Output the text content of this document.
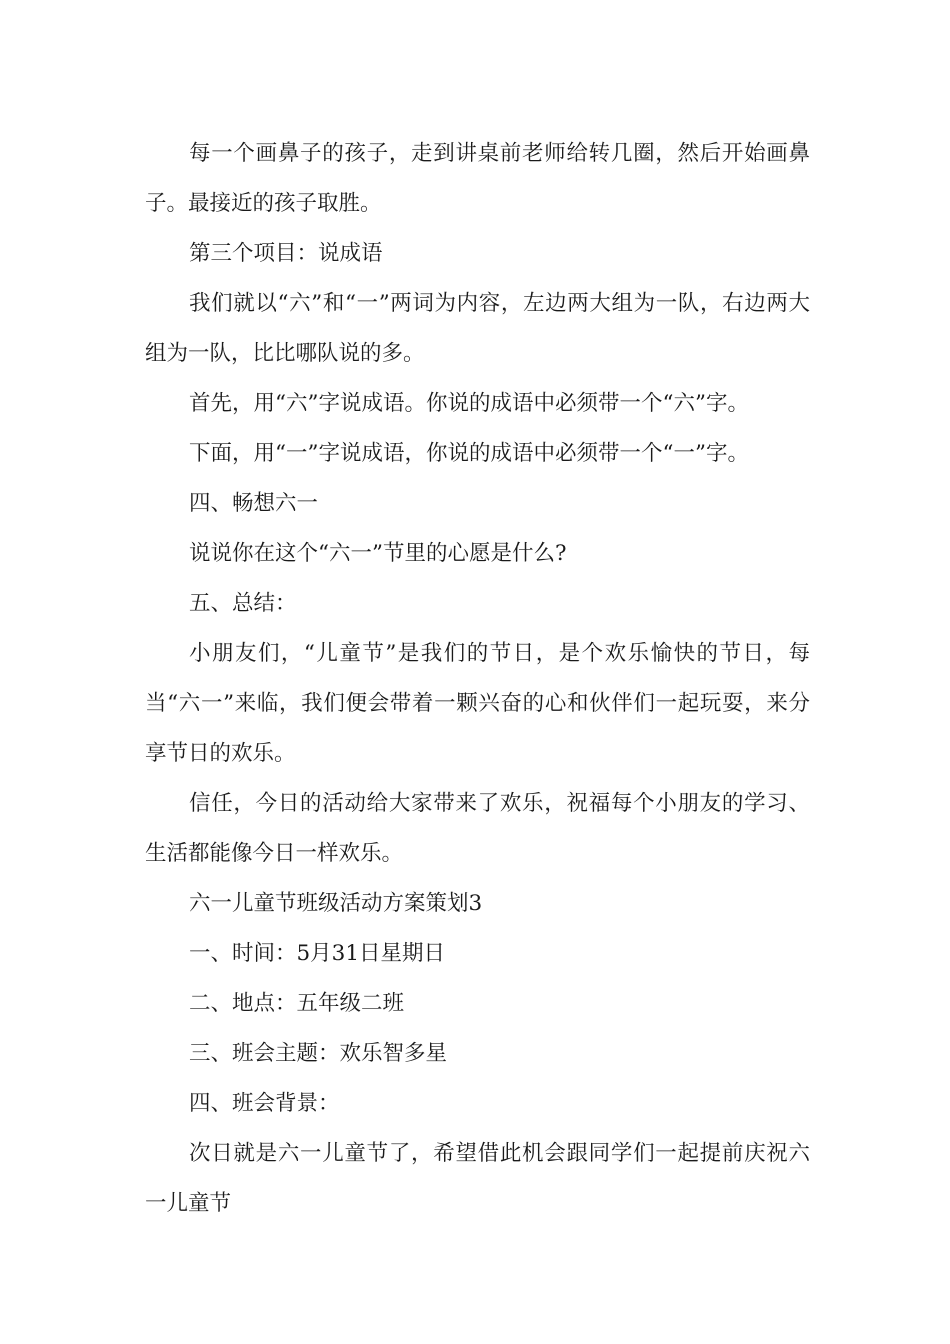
每一个画鼻子的孩子，走到讲桌前老师给转几圈，然后开始画鼻子。最接近的孩子取胜。

第三个项目：说成语

我们就以“六”和“一”两词为内容，左边两大组为一队，右边两大组为一队，比比哪队说的多。

首先，用“六”字说成语。你说的成语中必须带一个“六”字。

下面，用“一”字说成语，你说的成语中必须带一个“一”字。

四、畅想六一

说说你在这个“六一”节里的心愿是什么?

五、总结：

小朋友们，“儿童节”是我们的节日，是个欢乐愉快的节日，每当“六一”来临，我们便会带着一颗兴奋的心和伙伴们一起玩耍，来分享节日的欢乐。

信任，今日的活动给大家带来了欢乐，祝福每个小朋友的学习、生活都能像今日一样欢乐。

六一儿童节班级活动方案策划3

一、时间：5月31日星期日

二、地点：五年级二班

三、班会主题：欢乐智多星

四、班会背景：

次日就是六一儿童节了，希望借此机会跟同学们一起提前庆祝六一儿童节
